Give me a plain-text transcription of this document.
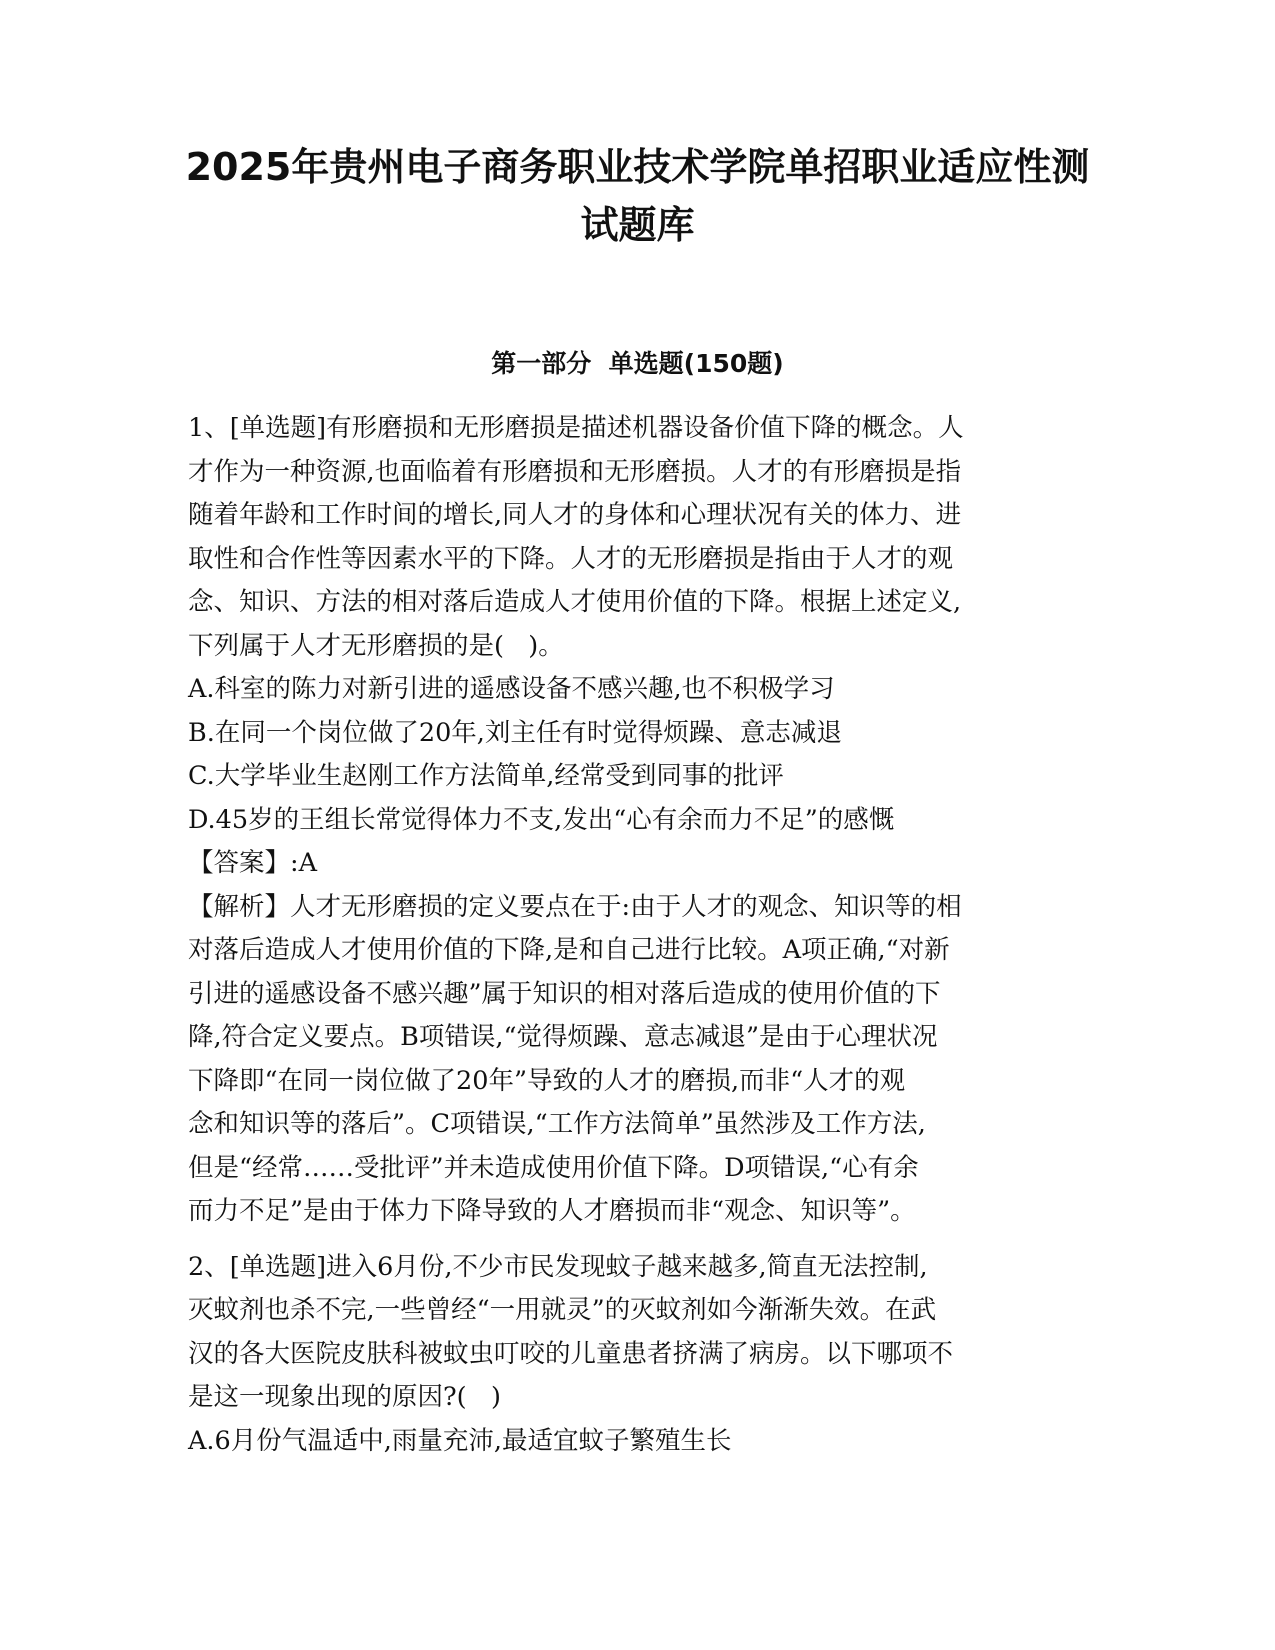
2025年贵州电子商务职业技术学院单招职业适应性测
试题库
第一部分  单选题(150题)
1、[单选题]有形磨损和无形磨损是描述机器设备价值下降的概念。人
才作为一种资源,也面临着有形磨损和无形磨损。人才的有形磨损是指
随着年龄和工作时间的增长,同人才的身体和心理状况有关的体力、进
取性和合作性等因素水平的下降。人才的无形磨损是指由于人才的观
念、知识、方法的相对落后造成人才使用价值的下降。根据上述定义,
下列属于人才无形磨损的是(   )。
A.科室的陈力对新引进的遥感设备不感兴趣,也不积极学习
B.在同一个岗位做了20年,刘主任有时觉得烦躁、意志减退
C.大学毕业生赵刚工作方法简单,经常受到同事的批评
D.45岁的王组长常觉得体力不支,发出“心有余而力不足”的感慨
【答案】:A
【解析】人才无形磨损的定义要点在于:由于人才的观念、知识等的相
对落后造成人才使用价值的下降,是和自己进行比较。A项正确,“对新
引进的遥感设备不感兴趣”属于知识的相对落后造成的使用价值的下
降,符合定义要点。B项错误,“觉得烦躁、意志减退”是由于心理状况
下降即“在同一岗位做了20年”导致的人才的磨损,而非“人才的观
念和知识等的落后”。C项错误,“工作方法简单”虽然涉及工作方法,
但是“经常……受批评”并未造成使用价值下降。D项错误,“心有余
而力不足”是由于体力下降导致的人才磨损而非“观念、知识等”。
2、[单选题]进入6月份,不少市民发现蚊子越来越多,简直无法控制,
灭蚊剂也杀不完,一些曾经“一用就灵”的灭蚊剂如今渐渐失效。在武
汉的各大医院皮肤科被蚊虫叮咬的儿童患者挤满了病房。以下哪项不
是这一现象出现的原因?(   )
A.6月份气温适中,雨量充沛,最适宜蚊子繁殖生长
